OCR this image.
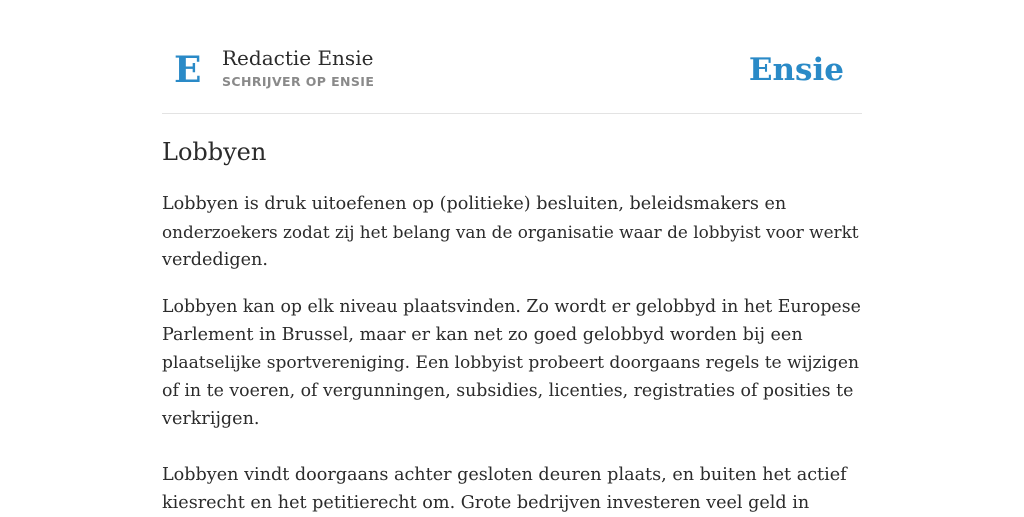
E Redactie Ensie
SCHRIJVER OP ENSIE	Ensie
Lobbyen

Lobbyen is druk uitoefenen op (politieke) besluiten, beleidsmakers en
onderzoekers zodat zij het belang van de organisatie waar de lobbyist voor werkt
verdedigen.

Lobbyen kan op elk niveau plaatsvinden. Zo wordt er gelobbyd in het Europese
Parlement in Brussel, maar er kan net zo goed gelobbyd worden bij een
plaatselijke sportvereniging. Een lobbyist probeert doorgaans regels te wijzigen
of in te voeren, of vergunningen, subsidies, licenties, registraties of posities te
verkrijgen.

Lobbyen vindt doorgaans achter gesloten deuren plaats, en buiten het actief
kiesrecht en het petitierecht om. Grote bedrijven investeren veel geld in
